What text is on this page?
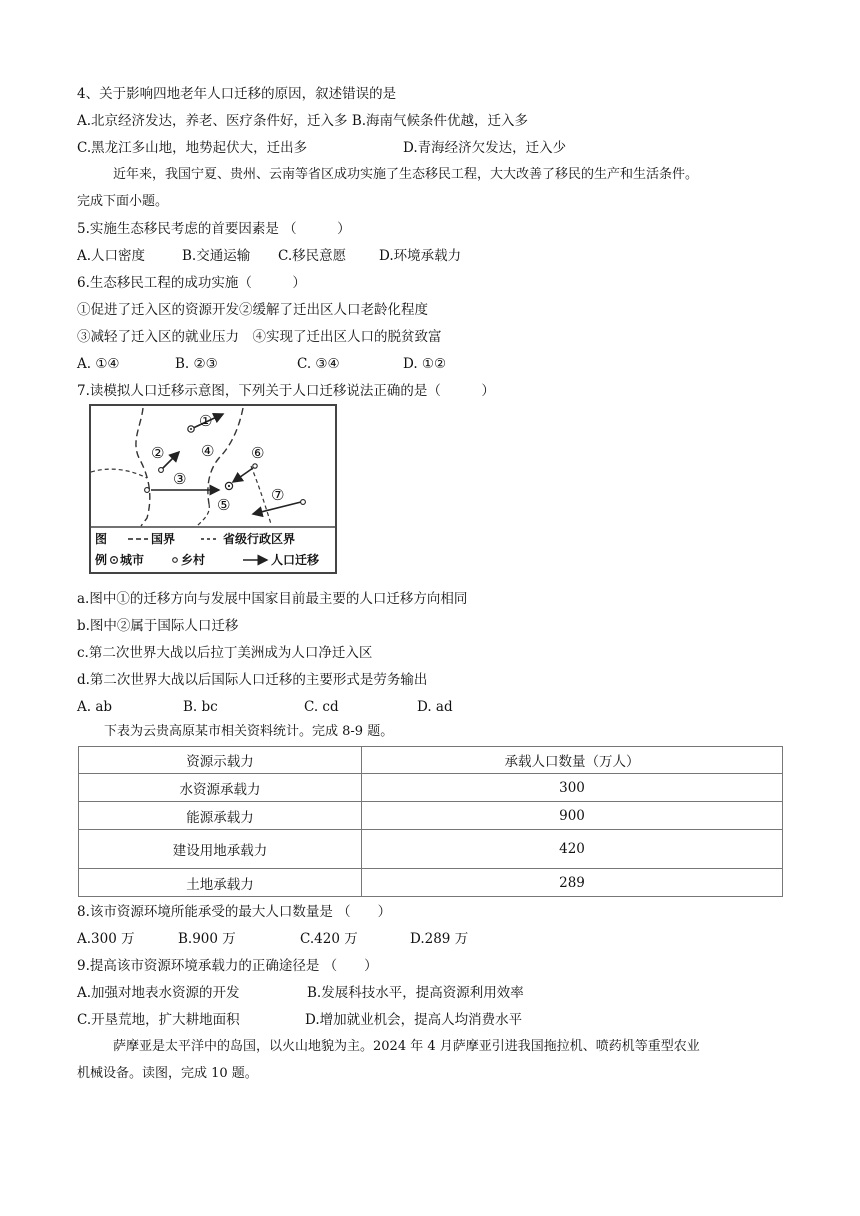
4、关于影响四地老年人口迁移的原因，叙述错误的是
A.北京经济发达，养老、医疗条件好，迁入多 B.海南气候条件优越，迁入多
C.黑龙江多山地，地势起伏大，迁出多	D.青海经济欠发达，迁入少
近年来，我国宁夏、贵州、云南等省区成功实施了生态移民工程，大大改善了移民的生产和生活条件。
完成下面小题。
5.实施生态移民考虑的首要因素是 （　　　）
A.人口密度	B.交通运输 C.移民意愿 D.环境承载力
6.生态移民工程的成功实施（　　　）
①促进了迁入区的资源开发②缓解了迁出区人口老龄化程度
③减轻了迁入区的就业压力　④实现了迁出区人口的脱贫致富
A. ①④	B. ②③	C. ③④	D. ①②
7.读模拟人口迁移示意图，下列关于人口迁移说法正确的是（　　　）
①
②
③
④
⑤
⑥
⑦
图	国界	省级行政区界
例 城市	乡村	人口迁移
a.图中①的迁移方向与发展中国家目前最主要的人口迁移方向相同
b.图中②属于国际人口迁移
c.第二次世界大战以后拉丁美洲成为人口净迁入区
d.第二次世界大战以后国际人口迁移的主要形式是劳务输出
A. ab	B. bc	C. cd	D. ad
下表为云贵高原某市相关资料统计。完成 8-9 题。
资源示载力	承载人口数量（万人）
水资源承载力	300
能源承载力	900
建设用地承载力	420
土地承载力	289
8.该市资源环境所能承受的最大人口数量是 （　　）
A.300 万	B.900 万	C.420 万	D.289 万
9.提高该市资源环境承载力的正确途径是 （　　）
A.加强对地表水资源的开发	B.发展科技水平，提高资源利用效率
C.开垦荒地，扩大耕地面积	D.增加就业机会，提高人均消费水平
萨摩亚是太平洋中的岛国，以火山地貌为主。2024 年 4 月萨摩亚引进我国拖拉机、喷药机等重型农业
机械设备。读图，完成 10 题。
